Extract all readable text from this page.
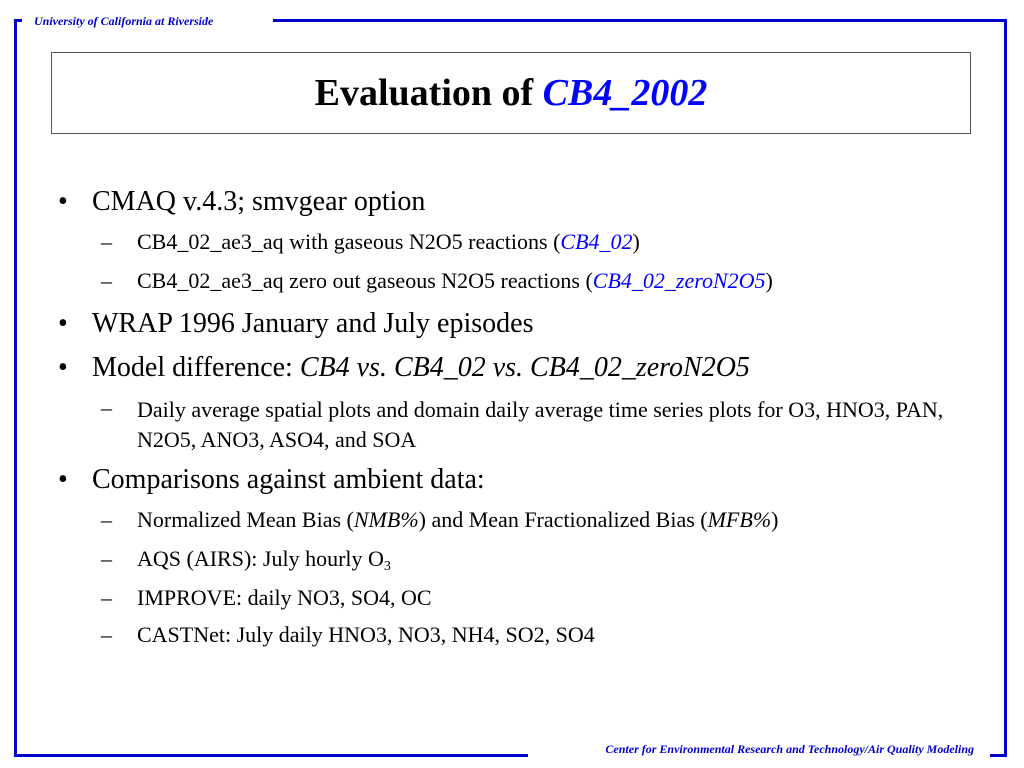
University of California at Riverside
Center for Environmental Research and Technology/Air Quality Modeling
Evaluation of CB4_2002
• CMAQ v.4.3; smvgear option
– CB4_02_ae3_aq with gaseous N2O5 reactions (CB4_02)
– CB4_02_ae3_aq zero out gaseous N2O5 reactions (CB4_02_zeroN2O5)
• WRAP 1996 January and July episodes
• Model difference: CB4 vs. CB4_02 vs. CB4_02_zeroN2O5
– Daily average spatial plots and domain daily average time series plots for O3, HNO3, PAN, N2O5, ANO3, ASO4, and SOA
• Comparisons against ambient data:
– Normalized Mean Bias (NMB%) and Mean Fractionalized Bias (MFB%)
– AQS (AIRS): July hourly $O_3$
– IMPROVE: daily NO3, SO4, OC
– CASTNet: July daily HNO3, NO3, NH4, SO2, SO4
